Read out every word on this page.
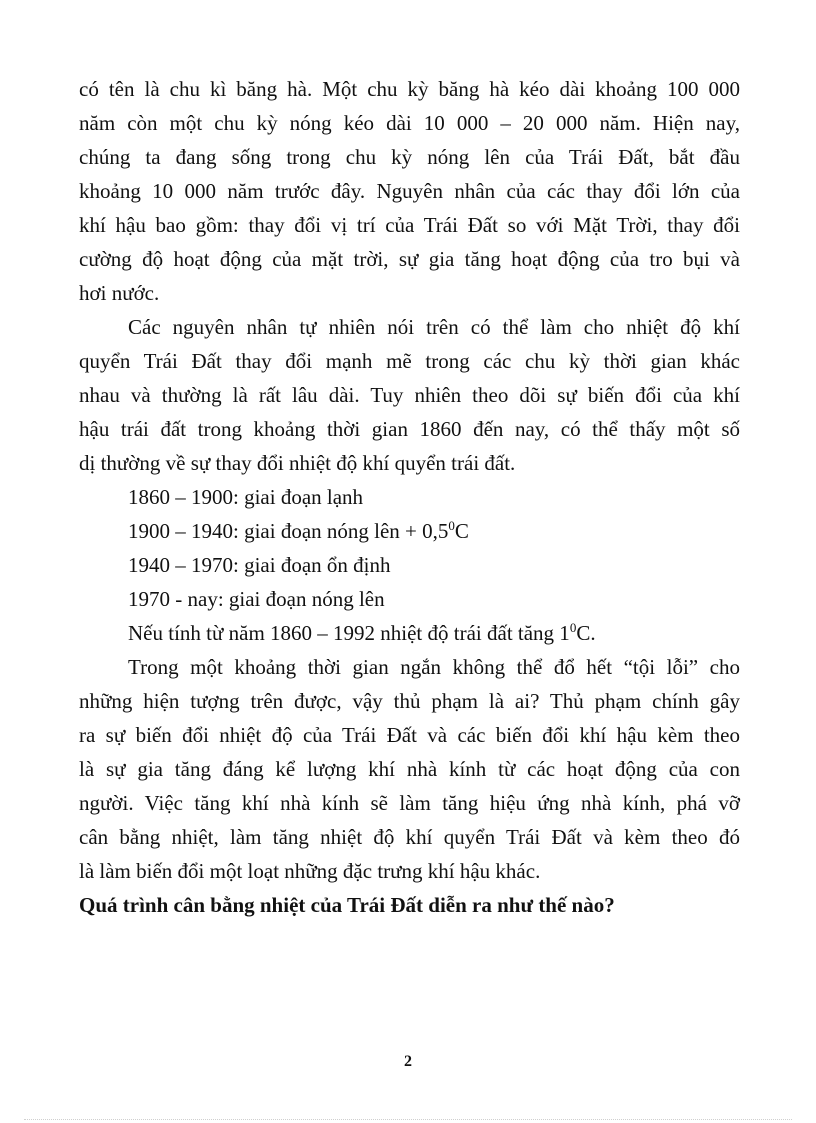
có tên là chu kì băng hà. Một chu kỳ băng hà kéo dài khoảng 100 000
năm còn một chu kỳ nóng kéo dài 10 000 – 20 000 năm. Hiện nay,
chúng ta đang sống trong chu kỳ nóng lên của Trái Đất, bắt đầu
khoảng 10 000 năm trước đây. Nguyên nhân của các thay đổi lớn của
khí hậu bao gồm: thay đổi vị trí của Trái Đất so với Mặt Trời, thay đổi
cường độ hoạt động của mặt trời, sự gia tăng hoạt động của tro bụi và
hơi nước.
Các nguyên nhân tự nhiên nói trên có thể làm cho nhiệt độ khí
quyển Trái Đất thay đổi mạnh mẽ trong các chu kỳ thời gian khác
nhau và thường là rất lâu dài. Tuy nhiên theo dõi sự biến đổi của khí
hậu trái đất trong khoảng thời gian 1860 đến nay, có thể thấy một số
dị thường về sự thay đổi nhiệt độ khí quyển trái đất.
1860 – 1900: giai đoạn lạnh
1900 – 1940: giai đoạn nóng lên + $0,5^0C$
1940 – 1970: giai đoạn ổn định
1970 - nay: giai đoạn nóng lên
Nếu tính từ năm 1860 – 1992 nhiệt độ trái đất tăng $1^0C$.
Trong một khoảng thời gian ngắn không thể đổ hết “tội lỗi” cho
những hiện tượng trên được, vậy thủ phạm là ai? Thủ phạm chính gây
ra sự biến đổi nhiệt độ của Trái Đất và các biến đổi khí hậu kèm theo
là sự gia tăng đáng kể lượng khí nhà kính từ các hoạt động của con
người. Việc tăng khí nhà kính sẽ làm tăng hiệu ứng nhà kính, phá vỡ
cân bằng nhiệt, làm tăng nhiệt độ khí quyển Trái Đất và kèm theo đó
là làm biến đổi một loạt những đặc trưng khí hậu khác.
Quá trình cân bằng nhiệt của Trái Đất diễn ra như thế nào?
2
